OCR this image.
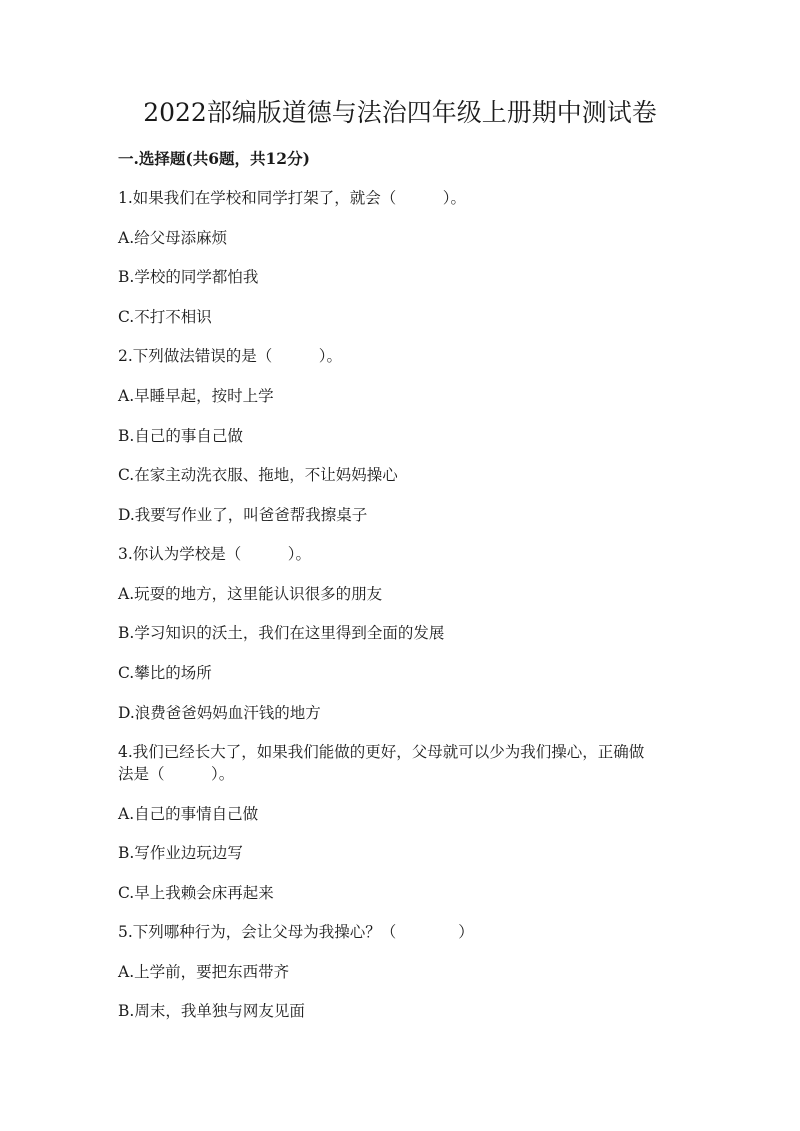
2022部编版道德与法治四年级上册期中测试卷
一.选择题(共6题，共12分)
1.如果我们在学校和同学打架了，就会（　　　）。
A.给父母添麻烦
B.学校的同学都怕我
C.不打不相识
2.下列做法错误的是（　　　）。
A.早睡早起，按时上学
B.自己的事自己做
C.在家主动洗衣服、拖地，不让妈妈操心
D.我要写作业了，叫爸爸帮我擦桌子
3.你认为学校是（　　　）。
A.玩耍的地方，这里能认识很多的朋友
B.学习知识的沃土，我们在这里得到全面的发展
C.攀比的场所
D.浪费爸爸妈妈血汗钱的地方
4.我们已经长大了，如果我们能做的更好，父母就可以少为我们操心，正确做
法是（　　　）。
A.自己的事情自己做
B.写作业边玩边写
C.早上我赖会床再起来
5.下列哪种行为，会让父母为我操心？（　　　　）
A.上学前，要把东西带齐
B.周末，我单独与网友见面
